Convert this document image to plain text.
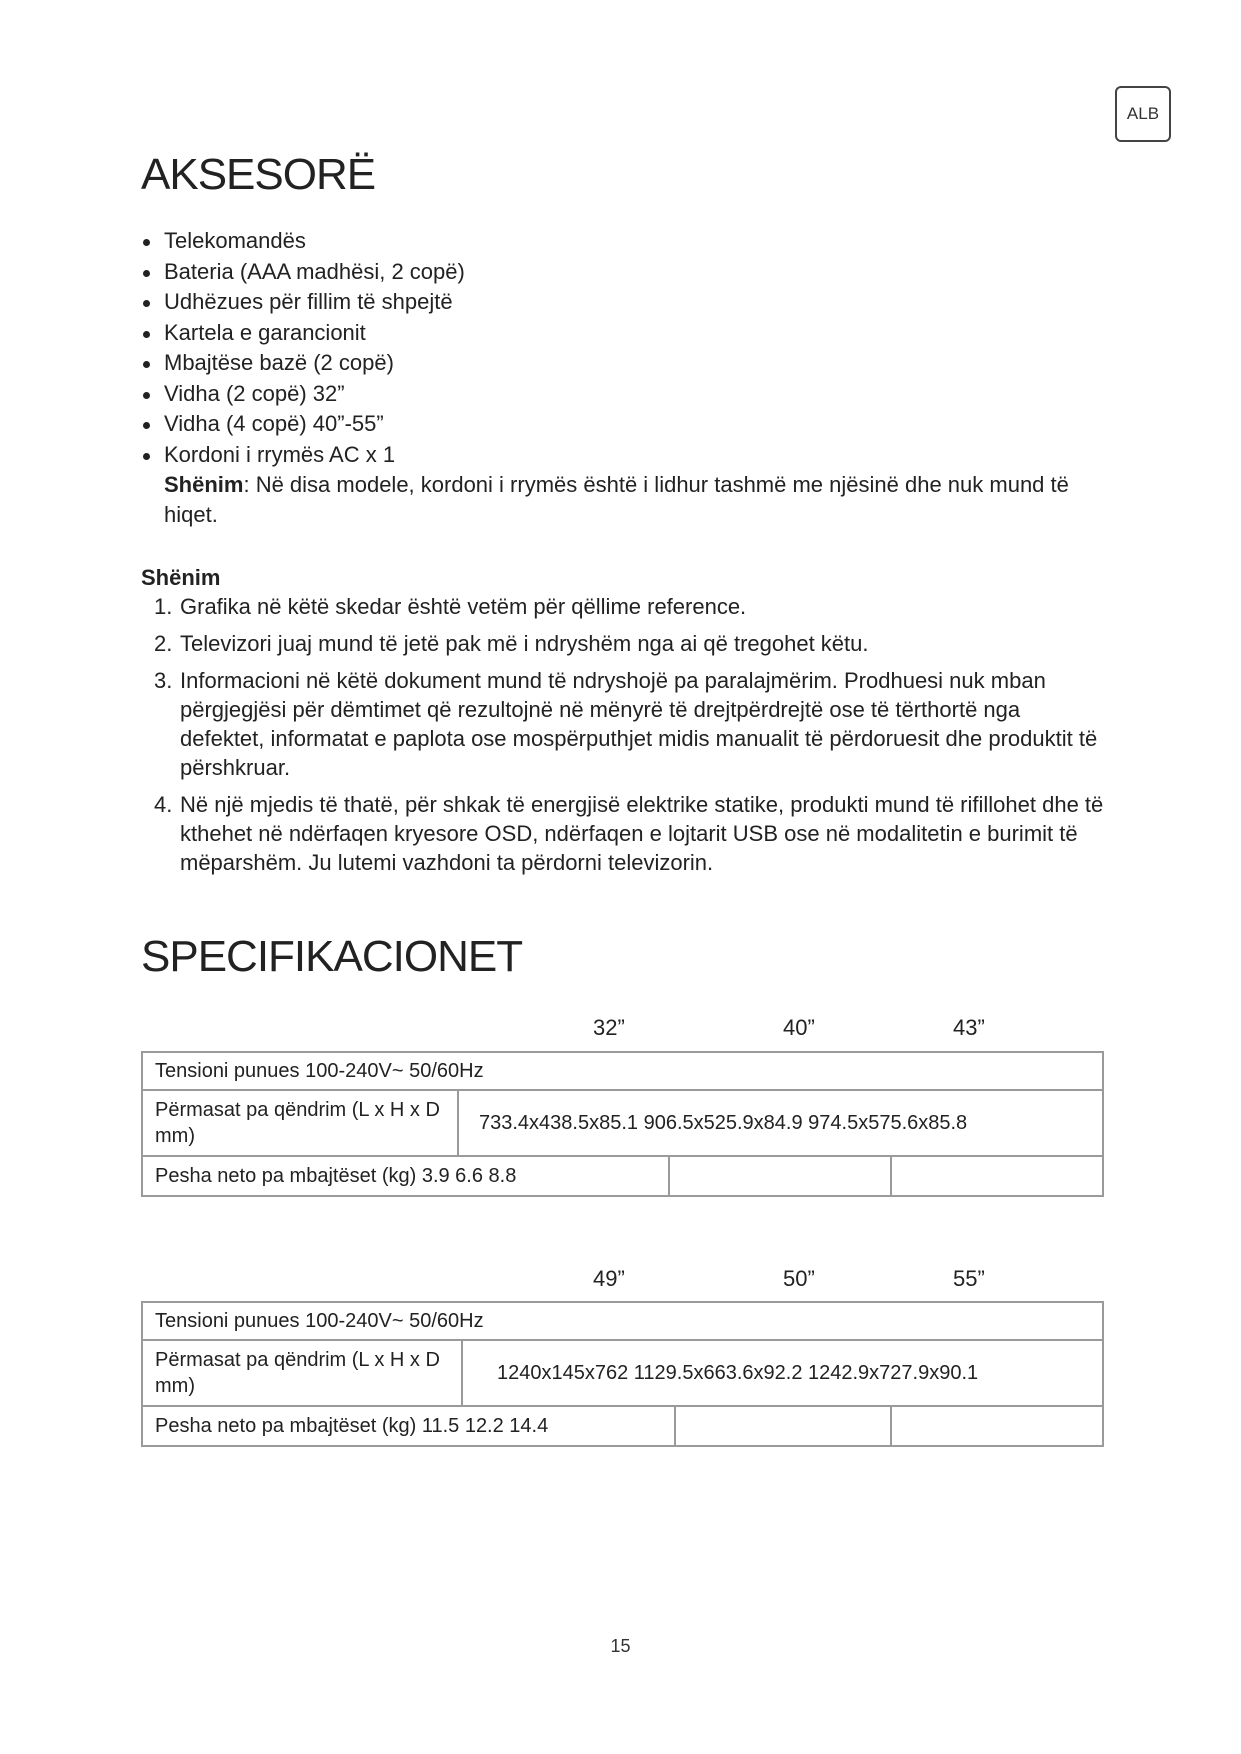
ALB
AKSESORË
Telekomandës
Bateria (AAA madhësi, 2 copë)
Udhëzues për fillim të shpejtë
Kartela e garancionit
Mbajtëse bazë (2 copë)
Vidha (2 copë) 32”
Vidha (4 copë) 40”-55”
Kordoni i rrymës AC x 1
Shënim: Në disa modele, kordoni i rrymës është i lidhur tashmë me njësinë dhe nuk mund të hiqet.
Shënim
1. Grafika në këtë skedar është vetëm për qëllime reference.
2. Televizori juaj mund të jetë pak më i ndryshëm nga ai që tregohet këtu.
3. Informacioni në këtë dokument mund të ndryshojë pa paralajmërim. Prodhuesi nuk mban përgjegjësi për dëmtimet që rezultojnë në mënyrë të drejtpërdrejtë ose të tërthortë nga defektet, informatat e paplota ose mospërputhjet midis manualit të përdoruesit dhe produktit të përshkruar.
4. Në një mjedis të thatë, për shkak të energjisë elektrike statike, produkti mund të rifillohet dhe të kthehet në ndërfaqen kryesore OSD, ndërfaqen e lojtarit USB ose në modalitetin e burimit të mëparshëm. Ju lutemi vazhdoni ta përdorni televizorin.
SPECIFIKACIONET
32”	40”	43”
Tensioni punues 100-240V~ 50/60Hz			
Përmasat pa qëndrim (L x H x D mm)	733.4x438.5x85.1 906.5x525.9x84.9 974.5x575.6x85.8		
Pesha neto pa mbajtëset (kg) 3.9 6.6 8.8			
49”	50”	55”
Tensioni punues 100-240V~ 50/60Hz			
Përmasat pa qëndrim (L x H x D mm)	1240x145x762 1129.5x663.6x92.2 1242.9x727.9x90.1		
Pesha neto pa mbajtëset (kg) 11.5 12.2 14.4			
15
